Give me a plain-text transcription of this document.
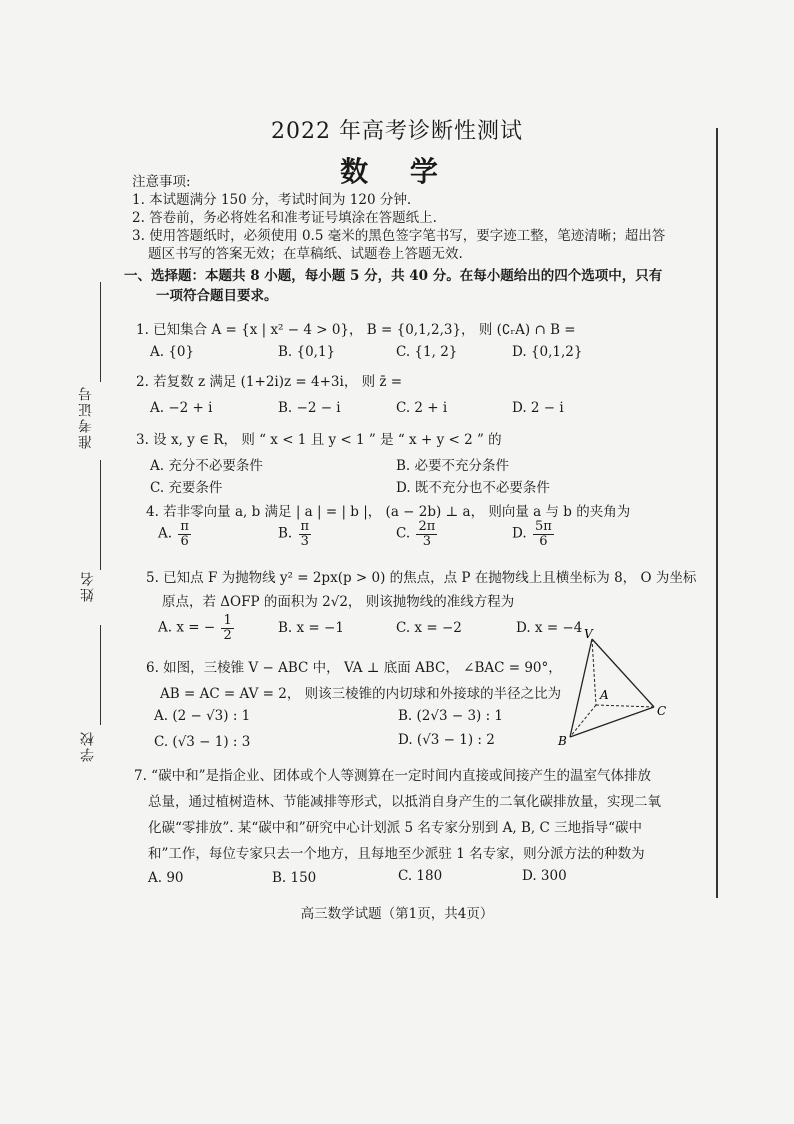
准考证号
姓名
学校
2022 年高考诊断性测试
数 学
注意事项:
1. 本试题满分 150 分，考试时间为 120 分钟.
2. 答卷前，务必将姓名和准考证号填涂在答题纸上.
3. 使用答题纸时，必须使用 0.5 毫米的黑色签字笔书写，要字迹工整，笔迹清晰；超出答
题区书写的答案无效；在草稿纸、试题卷上答题无效.
一、选择题：本题共 8 小题，每小题 5 分，共 40 分。在每小题给出的四个选项中，只有
一项符合题目要求。
1. 已知集合 A = {x | x² − 4 > 0}， B = {0,1,2,3}， 则 (∁ᵣA) ∩ B =
A. {0}	B. {0,1}	C. {1, 2}	D. {0,1,2}
2. 若复数 z 满足 (1+2i)z = 4+3i， 则 z̄ =
A. −2 + i	B. −2 − i	C. 2 + i	D. 2 − i
3. 设 x, y ∈ R， 则 “ x < 1 且 y < 1 ” 是 “ x + y < 2 ” 的
A. 充分不必要条件	B. 必要不充分条件
C. 充要条件	D. 既不充分也不必要条件
4. 若非零向量 a, b 满足 | a | = | b |， (a − 2b) ⊥ a， 则向量 a 与 b 的夹角为
A. $\frac{\pi}{6}$	B. $\frac{\pi}{3}$	C. $\frac{2\pi}{3}$	D. $\frac{5\pi}{6}$
5. 已知点 F 为抛物线 y² = 2px(p > 0) 的焦点，点 P 在抛物线上且横坐标为 8， O 为坐标
原点，若 ΔOFP 的面积为 2√2， 则该抛物线的准线方程为
A. x = − $\frac{1}{2}$	B. x = −1	C. x = −2	D. x = −4
6. 如图，三棱锥 V − ABC 中， VA ⊥ 底面 ABC， ∠BAC = 90°，
AB = AC = AV = 2， 则该三棱锥的内切球和外接球的半径之比为
A. (2 − √3) : 1	B. (2√3 − 3) : 1
C. (√3 − 1) : 3	D. (√3 − 1) : 2
V
A
B
C
7. “碳中和”是指企业、团体或个人等测算在一定时间内直接或间接产生的温室气体排放
总量，通过植树造林、节能减排等形式，以抵消自身产生的二氧化碳排放量，实现二氧
化碳“零排放”. 某“碳中和”研究中心计划派 5 名专家分别到 A, B, C 三地指导“碳中
和”工作，每位专家只去一个地方，且每地至少派驻 1 名专家，则分派方法的种数为
A. 90	B. 150	C. 180	D. 300
高三数学试题（第1页，共4页）
